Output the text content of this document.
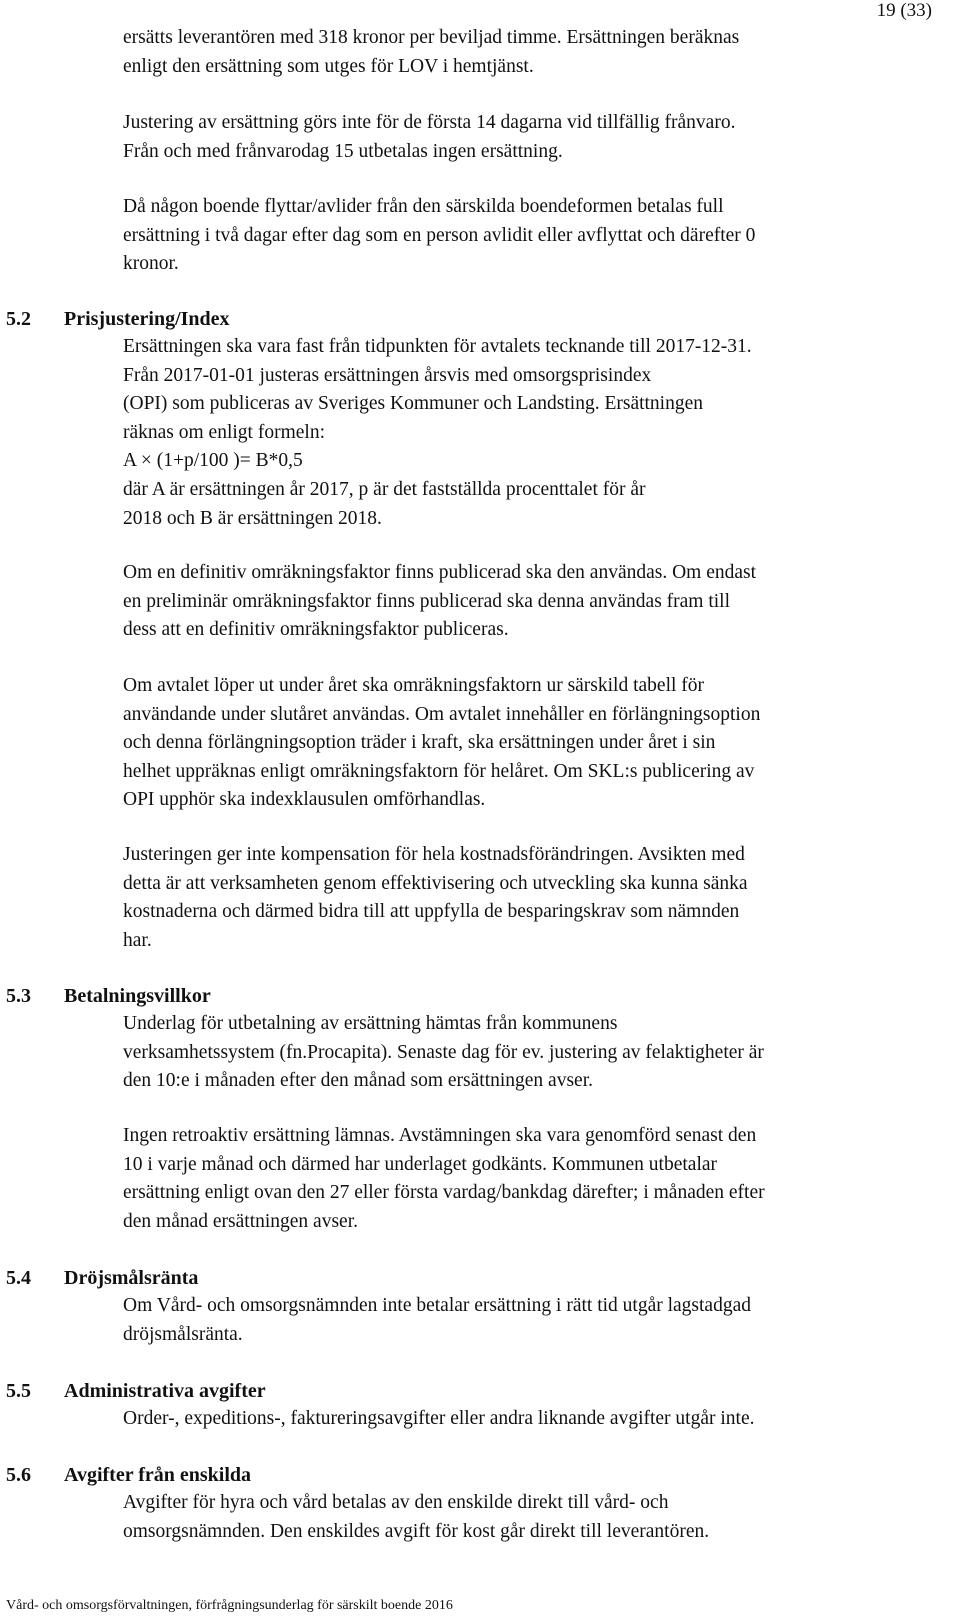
19 (33)

ersätts leverantören med 318 kronor per beviljad timme. Ersättningen beräknas
enligt den ersättning som utges för LOV i hemtjänst.

Justering av ersättning görs inte för de första 14 dagarna vid tillfällig frånvaro.
Från och med frånvarodag 15 utbetalas ingen ersättning.

Då någon boende flyttar/avlider från den särskilda boendeformen betalas full
ersättning i två dagar efter dag som en person avlidit eller avflyttat och därefter 0
kronor.

5.2 Prisjustering/Index

Ersättningen ska vara fast från tidpunkten för avtalets tecknande till 2017-12-31.
Från 2017-01-01 justeras ersättningen årsvis med omsorgsprisindex
(OPI) som publiceras av Sveriges Kommuner och Landsting. Ersättningen
räknas om enligt formeln:
A × (1+p/100 )= B*0,5
där A är ersättningen år 2017, p är det fastställda procenttalet för år
2018 och B är ersättningen 2018.

Om en definitiv omräkningsfaktor finns publicerad ska den användas. Om endast
en preliminär omräkningsfaktor finns publicerad ska denna användas fram till
dess att en definitiv omräkningsfaktor publiceras.

Om avtalet löper ut under året ska omräkningsfaktorn ur särskild tabell för
användande under slutåret användas. Om avtalet innehåller en förlängningsoption
och denna förlängningsoption träder i kraft, ska ersättningen under året i sin
helhet uppräknas enligt omräkningsfaktorn för helåret. Om SKL:s publicering av
OPI upphör ska indexklausulen omförhandlas.

Justeringen ger inte kompensation för hela kostnadsförändringen. Avsikten med
detta är att verksamheten genom effektivisering och utveckling ska kunna sänka
kostnaderna och därmed bidra till att uppfylla de besparingskrav som nämnden
har.

5.3 Betalningsvillkor

Underlag för utbetalning av ersättning hämtas från kommunens
verksamhetssystem (fn.Procapita). Senaste dag för ev. justering av felaktigheter är
den 10:e i månaden efter den månad som ersättningen avser.

Ingen retroaktiv ersättning lämnas. Avstämningen ska vara genomförd senast den
10 i varje månad och därmed har underlaget godkänts. Kommunen utbetalar
ersättning enligt ovan den 27 eller första vardag/bankdag därefter; i månaden efter
den månad ersättningen avser.

5.4 Dröjsmålsränta

Om Vård- och omsorgsnämnden inte betalar ersättning i rätt tid utgår lagstadgad
dröjsmålsränta.

5.5 Administrativa avgifter

Order-, expeditions-, faktureringsavgifter eller andra liknande avgifter utgår inte.

5.6 Avgifter från enskilda

Avgifter för hyra och vård betalas av den enskilde direkt till vård- och
omsorgsnämnden. Den enskildes avgift för kost går direkt till leverantören.

Vård- och omsorgsförvaltningen, förfrågningsunderlag för särskilt boende 2016
